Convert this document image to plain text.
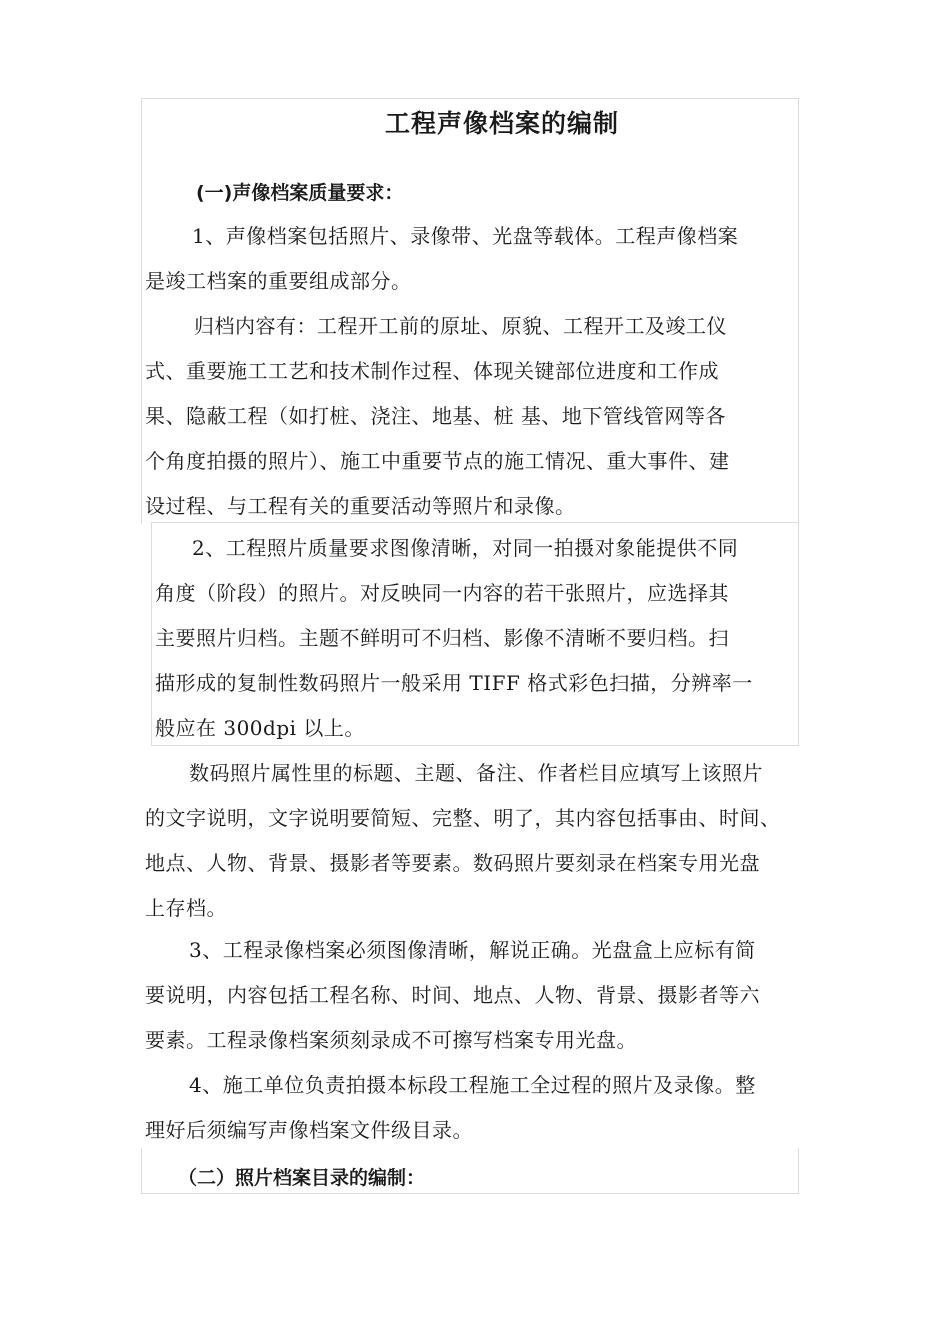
工程声像档案的编制
(一)声像档案质量要求：

1、声像档案包括照片、录像带、光盘等载体。工程声像档案
是竣工档案的重要组成部分。

归档内容有：工程开工前的原址、原貌、工程开工及竣工仪
式、重要施工工艺和技术制作过程、体现关键部位进度和工作成
果、隐蔽工程（如打桩、浇注、地基、桩 基、地下管线管网等各
个角度拍摄的照片）、施工中重要节点的施工情况、重大事件、建
设过程、与工程有关的重要活动等照片和录像。

2、工程照片质量要求图像清晰，对同一拍摄对象能提供不同
角度（阶段）的照片。对反映同一内容的若干张照片，应选择其
主要照片归档。主题不鲜明可不归档、影像不清晰不要归档。扫
描形成的复制性数码照片一般采用 TIFF 格式彩色扫描，分辨率一
般应在 300dpi 以上。

数码照片属性里的标题、主题、备注、作者栏目应填写上该照片
的文字说明，文字说明要简短、完整、明了，其内容包括事由、时间、
地点、人物、背景、摄影者等要素。数码照片要刻录在档案专用光盘
上存档。

3、工程录像档案必须图像清晰，解说正确。光盘盒上应标有简
要说明，内容包括工程名称、时间、地点、人物、背景、摄影者等六
要素。工程录像档案须刻录成不可擦写档案专用光盘。

4、施工单位负责拍摄本标段工程施工全过程的照片及录像。整
理好后须编写声像档案文件级目录。

（二）照片档案目录的编制：
